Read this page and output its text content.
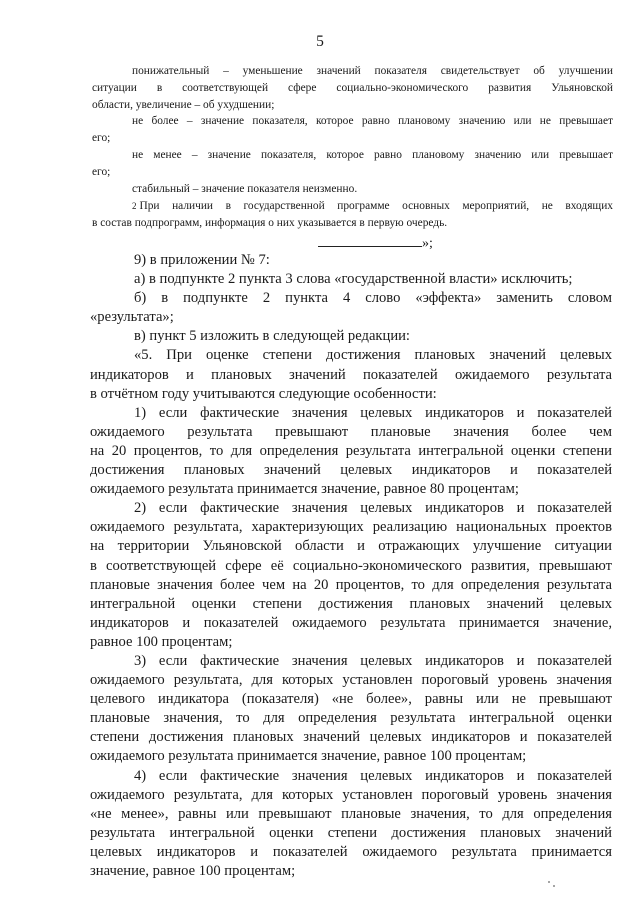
5
понижательный – уменьшение значений показателя свидетельствует об улучшении
ситуации в соответствующей сфере социально-экономического развития Ульяновской
области, увеличение – об ухудшении;
не более – значение показателя, которое равно плановому значению или не превышает
его;
не менее – значение показателя, которое равно плановому значению или превышает
его;
стабильный – значение показателя неизменно.
2 При наличии в государственной программе основных мероприятий, не входящих
в состав подпрограмм, информация о них указывается в первую очередь.
»;
9) в приложении № 7:
а) в подпункте 2 пункта 3 слова «государственной власти» исключить;
б) в подпункте 2 пункта 4 слово «эффекта» заменить словом
«результата»;
в) пункт 5 изложить в следующей редакции:
«5. При оценке степени достижения плановых значений целевых
индикаторов и плановых значений показателей ожидаемого результата
в отчётном году учитываются следующие особенности:
1) если фактические значения целевых индикаторов и показателей
ожидаемого результата превышают плановые значения более чем
на 20 процентов, то для определения результата интегральной оценки степени
достижения плановых значений целевых индикаторов и показателей
ожидаемого результата принимается значение, равное 80 процентам;
2) если фактические значения целевых индикаторов и показателей
ожидаемого результата, характеризующих реализацию национальных проектов
на территории Ульяновской области и отражающих улучшение ситуации
в соответствующей сфере её социально-экономического развития, превышают
плановые значения более чем на 20 процентов, то для определения результата
интегральной оценки степени достижения плановых значений целевых
индикаторов и показателей ожидаемого результата принимается значение,
равное 100 процентам;
3) если фактические значения целевых индикаторов и показателей
ожидаемого результата, для которых установлен пороговый уровень значения
целевого индикатора (показателя) «не более», равны или не превышают
плановые значения, то для определения результата интегральной оценки
степени достижения плановых значений целевых индикаторов и показателей
ожидаемого результата принимается значение, равное 100 процентам;
4) если фактические значения целевых индикаторов и показателей
ожидаемого результата, для которых установлен пороговый уровень значения
«не менее», равны или превышают плановые значения, то для определения
результата интегральной оценки степени достижения плановых значений
целевых индикаторов и показателей ожидаемого результата принимается
значение, равное 100 процентам;
